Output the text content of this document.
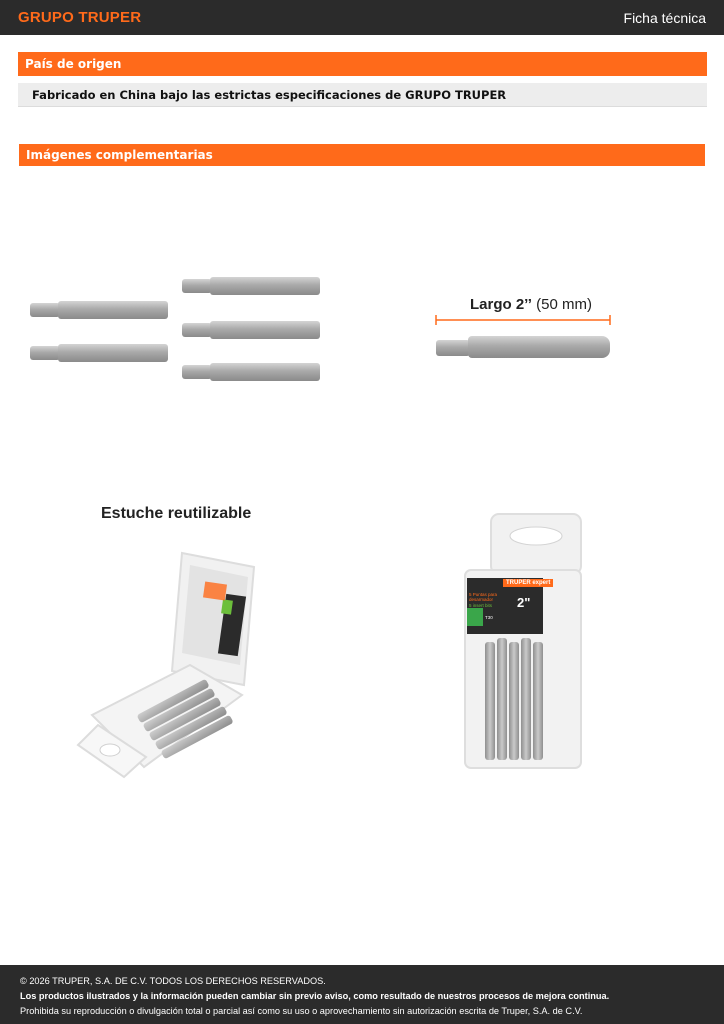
GRUPO TRUPER	Ficha técnica
País de origen
Fabricado en China bajo las estrictas especificaciones de GRUPO TRUPER
Imágenes complementarias
Largo 2’’ (50 mm)
Estuche reutilizable
TRUPER expert
5 Puntas para desarmador
5 insert bits	2"
T30
© 2026 TRUPER, S.A. DE C.V. TODOS LOS DERECHOS RESERVADOS.
Los productos ilustrados y la información pueden cambiar sin previo aviso, como resultado de nuestros procesos de mejora continua.
Prohibida su reproducción o divulgación total o parcial así como su uso o aprovechamiento sin autorización escrita de Truper, S.A. de C.V.
